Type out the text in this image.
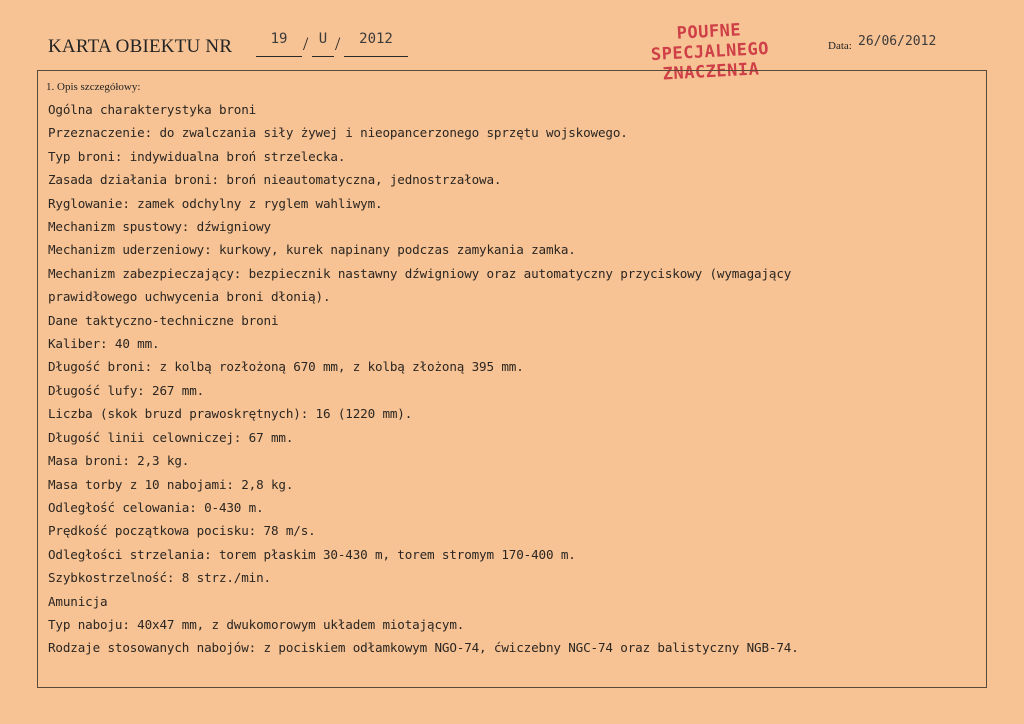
KARTA OBIEKTU NR	19 / U /	2012	POUFNE
SPECJALNEGO
ZNACZENIA
Data: 26/06/2012
1. Opis szczegółowy:
Ogólna charakterystyka broni
Przeznaczenie: do zwalczania siły żywej i nieopancerzonego sprzętu wojskowego.
Typ broni: indywidualna broń strzelecka.
Zasada działania broni: broń nieautomatyczna, jednostrzałowa.
Ryglowanie: zamek odchylny z ryglem wahliwym.
Mechanizm spustowy: dźwigniowy
Mechanizm uderzeniowy: kurkowy, kurek napinany podczas zamykania zamka.
Mechanizm zabezpieczający: bezpiecznik nastawny dźwigniowy oraz automatyczny przyciskowy (wymagający
prawidłowego uchwycenia broni dłonią).
Dane taktyczno-techniczne broni
Kaliber: 40 mm.
Długość broni: z kolbą rozłożoną 670 mm, z kolbą złożoną 395 mm.
Długość lufy: 267 mm.
Liczba (skok bruzd prawoskrętnych): 16 (1220 mm).
Długość linii celowniczej: 67 mm.
Masa broni: 2,3 kg.
Masa torby z 10 nabojami: 2,8 kg.
Odległość celowania: 0-430 m.
Prędkość początkowa pocisku: 78 m/s.
Odległości strzelania: torem płaskim 30-430 m, torem stromym 170-400 m.
Szybkostrzelność: 8 strz./min.
Amunicja
Typ naboju: 40x47 mm, z dwukomorowym układem miotającym.
Rodzaje stosowanych nabojów: z pociskiem odłamkowym NGO-74, ćwiczebny NGC-74 oraz balistyczny NGB-74.
